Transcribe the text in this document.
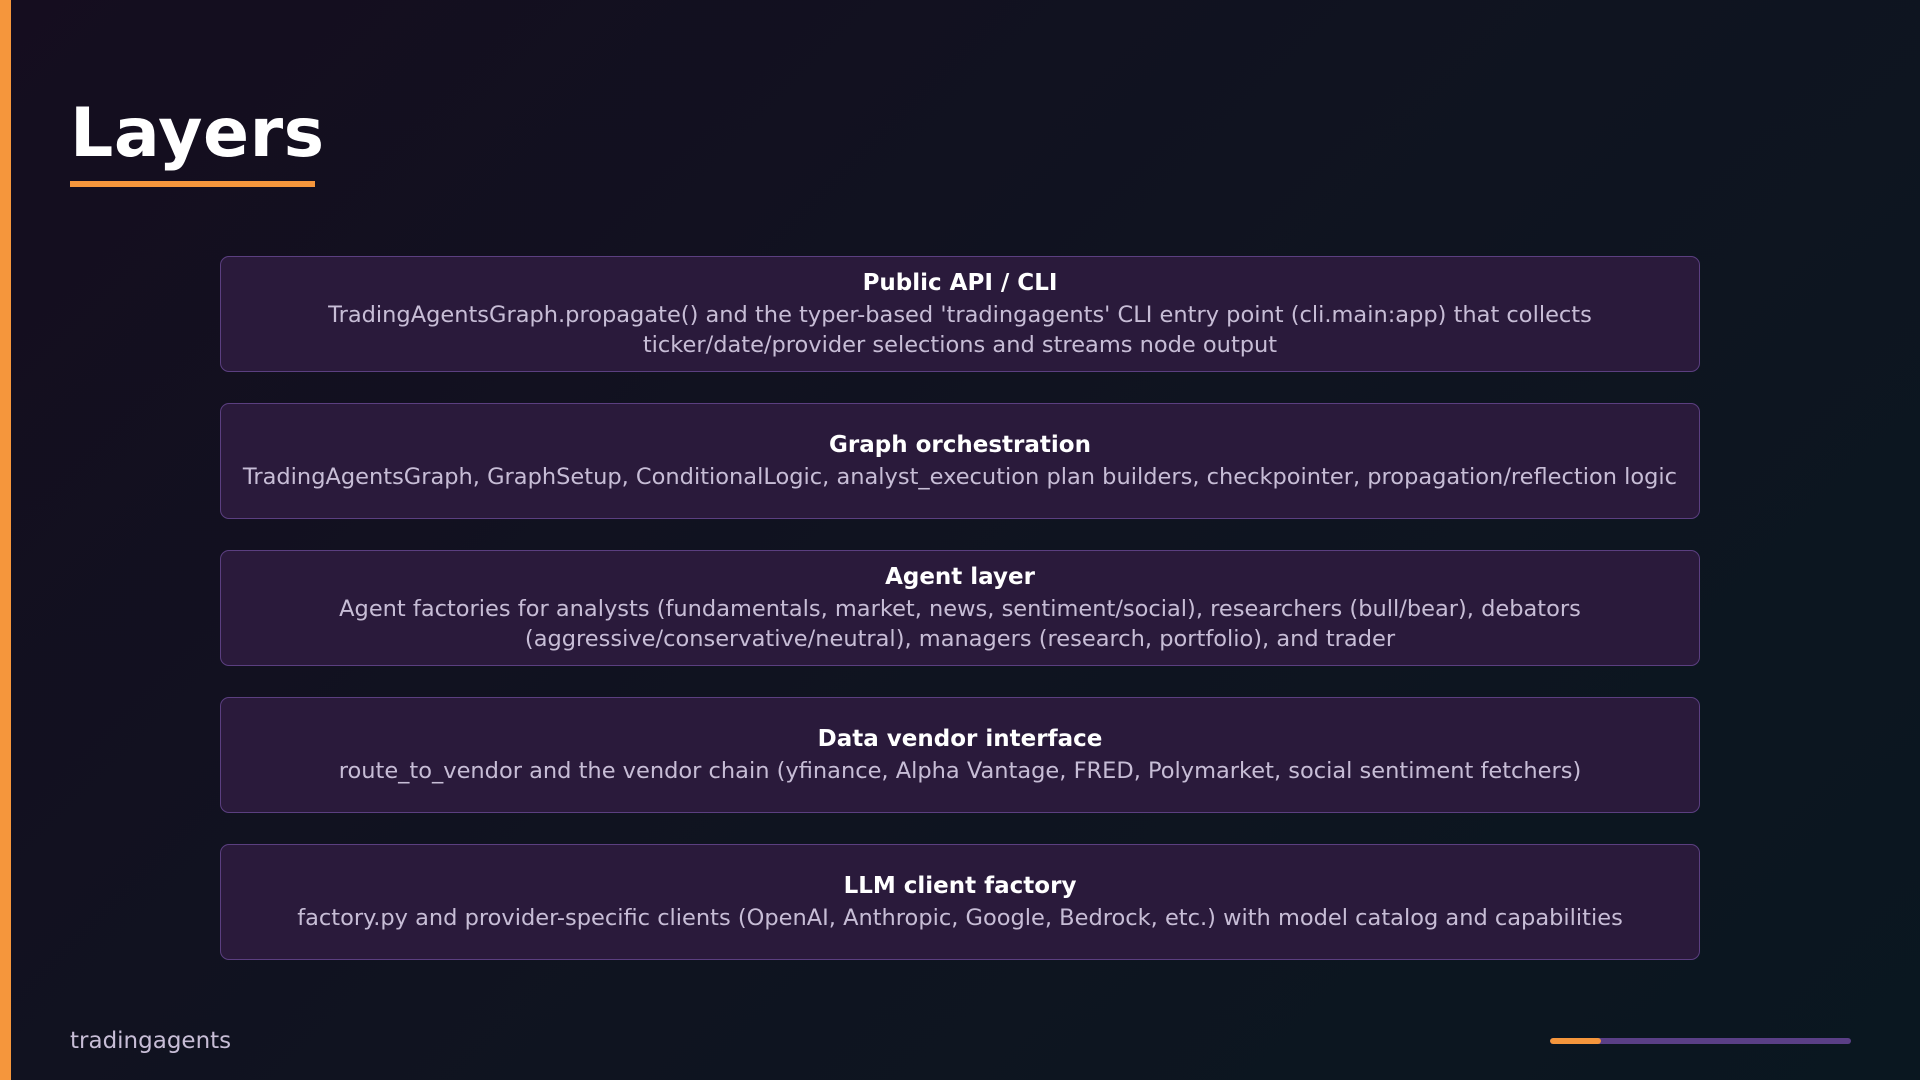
Layers
Public API / CLI
TradingAgentsGraph.propagate() and the typer-based 'tradingagents' CLI entry point (cli.main:app) that collects ticker/date/provider selections and streams node output
Graph orchestration
TradingAgentsGraph, GraphSetup, ConditionalLogic, analyst_execution plan builders, checkpointer, propagation/reflection logic
Agent layer
Agent factories for analysts (fundamentals, market, news, sentiment/social), researchers (bull/bear), debators (aggressive/conservative/neutral), managers (research, portfolio), and trader
Data vendor interface
route_to_vendor and the vendor chain (yfinance, Alpha Vantage, FRED, Polymarket, social sentiment fetchers)
LLM client factory
factory.py and provider-specific clients (OpenAI, Anthropic, Google, Bedrock, etc.) with model catalog and capabilities
tradingagents
